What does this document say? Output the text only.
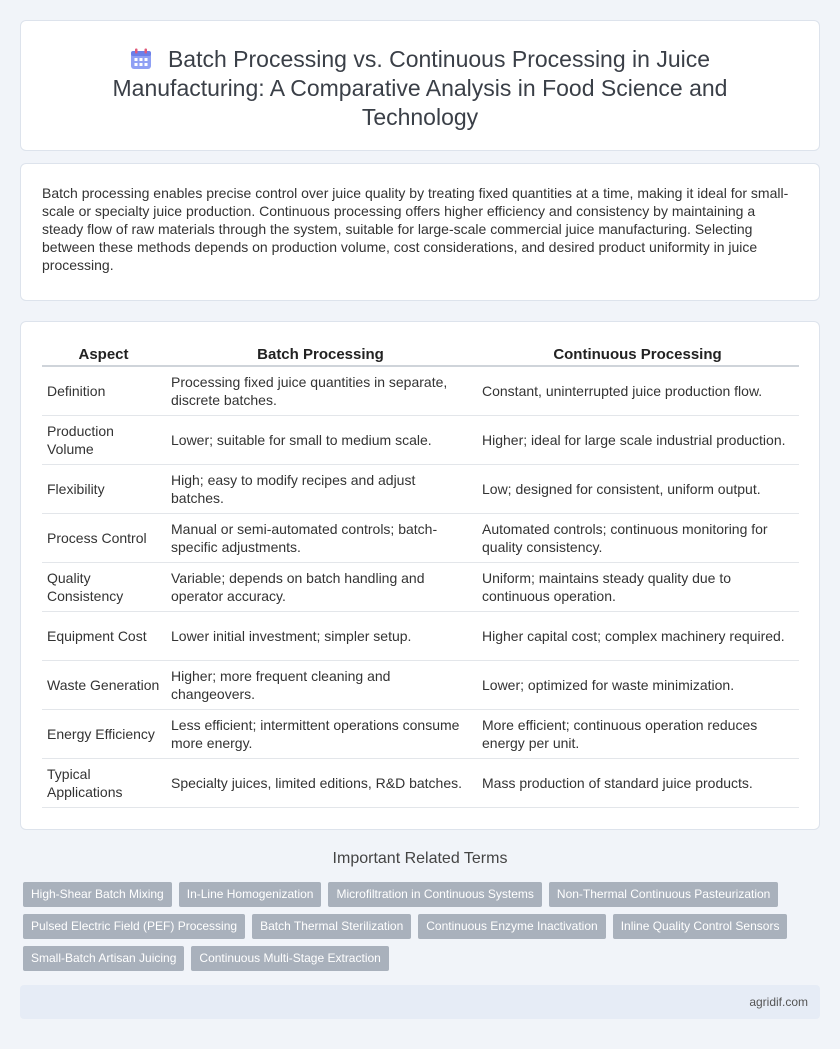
Batch Processing vs. Continuous Processing in Juice Manufacturing: A Comparative Analysis in Food Science and Technology

Batch processing enables precise control over juice quality by treating fixed quantities at a time, making it ideal for small-scale or specialty juice production. Continuous processing offers higher efficiency and consistency by maintaining a steady flow of raw materials through the system, suitable for large-scale commercial juice manufacturing. Selecting between these methods depends on production volume, cost considerations, and desired product uniformity in juice processing.

Aspect	Batch Processing	Continuous Processing
Definition	Processing fixed juice quantities in separate, discrete batches.	Constant, uninterrupted juice production flow.
Production Volume	Lower; suitable for small to medium scale.	Higher; ideal for large scale industrial production.
Flexibility	High; easy to modify recipes and adjust batches.	Low; designed for consistent, uniform output.
Process Control	Manual or semi-automated controls; batch-specific adjustments.	Automated controls; continuous monitoring for quality consistency.
Quality Consistency	Variable; depends on batch handling and operator accuracy.	Uniform; maintains steady quality due to continuous operation.
Equipment Cost	Lower initial investment; simpler setup.	Higher capital cost; complex machinery required.
Waste Generation	Higher; more frequent cleaning and changeovers.	Lower; optimized for waste minimization.
Energy Efficiency	Less efficient; intermittent operations consume more energy.	More efficient; continuous operation reduces energy per unit.
Typical Applications	Specialty juices, limited editions, R&D batches.	Mass production of standard juice products.
Important Related Terms
High-Shear Batch Mixing	In-Line Homogenization	Microfiltration in Continuous Systems	Non-Thermal Continuous Pasteurization
Pulsed Electric Field (PEF) Processing	Batch Thermal Sterilization	Continuous Enzyme Inactivation	Inline Quality Control Sensors
Small-Batch Artisan Juicing	Continuous Multi-Stage Extraction
agridif.com
